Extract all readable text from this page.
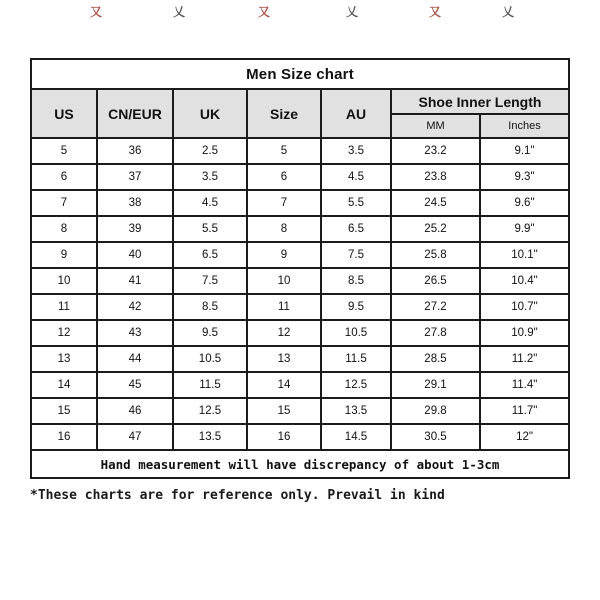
又	乂	又	乂	又	乂
Men Size chart						
US	CN/EUR	UK	Size	AU	Shoe Inner Length	
					MM	Inches
5	36	2.5	5	3.5	23.2	9.1"
6	37	3.5	6	4.5	23.8	9.3"
7	38	4.5	7	5.5	24.5	9.6"
8	39	5.5	8	6.5	25.2	9.9"
9	40	6.5	9	7.5	25.8	10.1"
10	41	7.5	10	8.5	26.5	10.4"
11	42	8.5	11	9.5	27.2	10.7"
12	43	9.5	12	10.5	27.8	10.9"
13	44	10.5	13	11.5	28.5	11.2"
14	45	11.5	14	12.5	29.1	11.4"
15	46	12.5	15	13.5	29.8	11.7"
16	47	13.5	16	14.5	30.5	12"
Hand measurement will have discrepancy of about 1-3cm						
*These charts are for reference only. Prevail in kind
